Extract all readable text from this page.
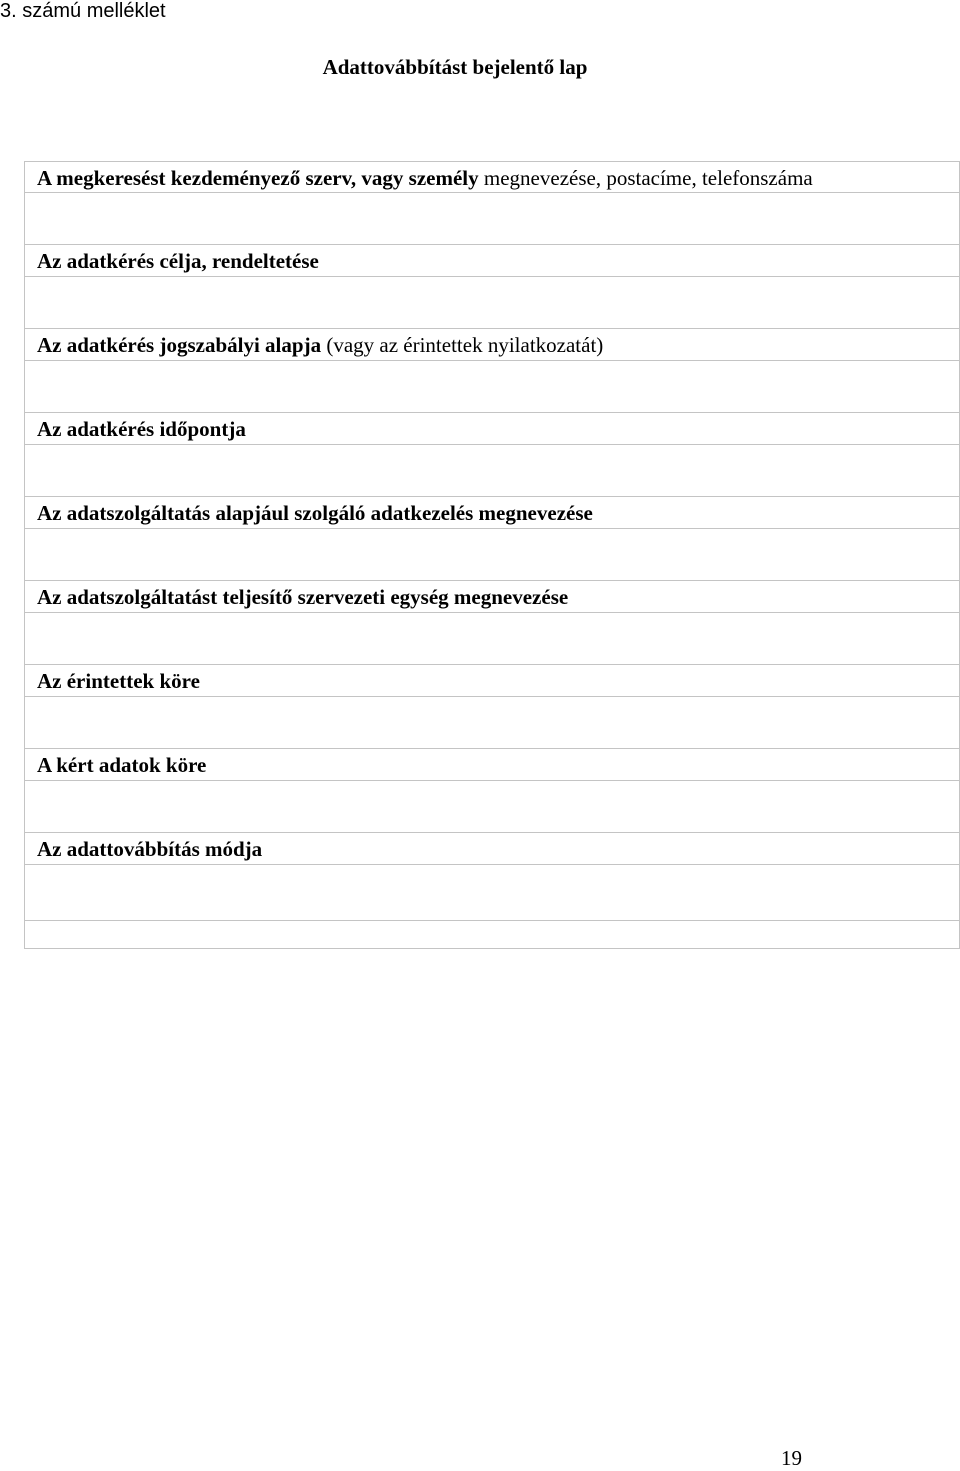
3. számú melléklet
Adattovábbítást bejelentő lap
A megkeresést kezdeményező szerv, vagy személy megnevezése, postacíme, telefonszáma
Az adatkérés célja, rendeltetése
Az adatkérés jogszabályi alapja (vagy az érintettek nyilatkozatát)
Az adatkérés időpontja
Az adatszolgáltatás alapjául szolgáló adatkezelés megnevezése
Az adatszolgáltatást teljesítő szervezeti egység megnevezése
Az érintettek köre
A kért adatok köre
Az adattovábbítás módja
19
